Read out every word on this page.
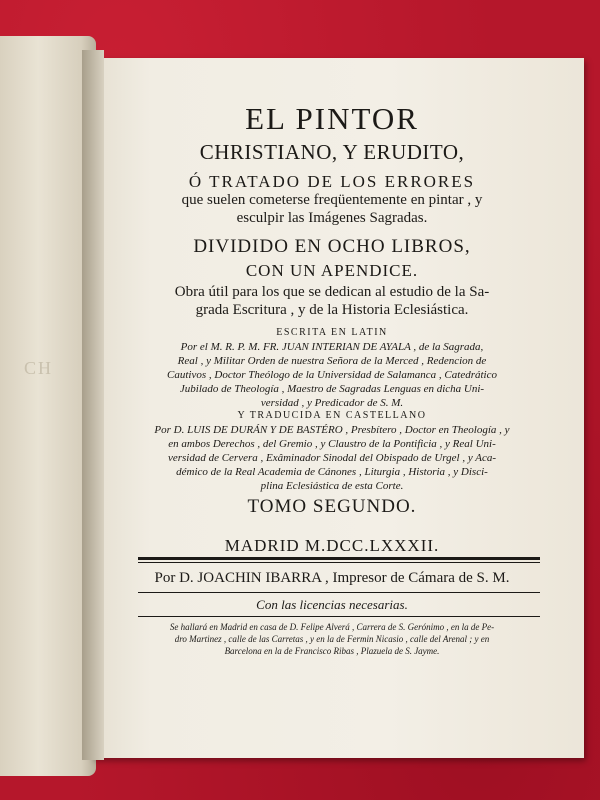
CH
EL PINTOR
CHRISTIANO, Y ERUDITO,
Ó TRATADO DE LOS ERRORES
que suelen cometerse freqüentemente en pintar , y
esculpir las Imágenes Sagradas.
DIVIDIDO EN OCHO LIBROS,
CON UN APENDICE.
Obra útil para los que se dedican al estudio de la Sa-
grada Escritura , y de la Historia Eclesiástica.
ESCRITA EN LATIN
Por el M. R. P. M. FR. JUAN INTERIAN DE AYALA , de la Sagrada,
Real , y Militar Orden de nuestra Señora de la Merced , Redencion de
Cautivos , Doctor Theólogo de la Universidad de Salamanca , Catedrático
Jubilado de Theología , Maestro de Sagradas Lenguas en dicha Uni-
versidad , y Predicador de S. M.
Y TRADUCIDA EN CASTELLANO
Por D. LUIS DE DURÁN Y DE BASTÉRO , Presbítero , Doctor en Theología , y
en ambos Derechos , del Gremio , y Claustro de la Pontificia , y Real Uni-
versidad de Cervera , Exâminador Sinodal del Obispado de Urgel , y Aca-
démico de la Real Academia de Cánones , Liturgia , Historia , y Disci-
plina Eclesiástica de esta Corte.
TOMO SEGUNDO.
MADRID M.DCC.LXXXII.
Por D. JOACHIN IBARRA , Impresor de Cámara de S. M.
Con las licencias necesarias.
Se hallará en Madrid en casa de D. Felipe Alverá , Carrera de S. Gerónimo , en la de Pe-
dro Martinez , calle de las Carretas , y en la de Fermin Nicasio , calle del Arenal ; y en
Barcelona en la de Francisco Ribas , Plazuela de S. Jayme.
